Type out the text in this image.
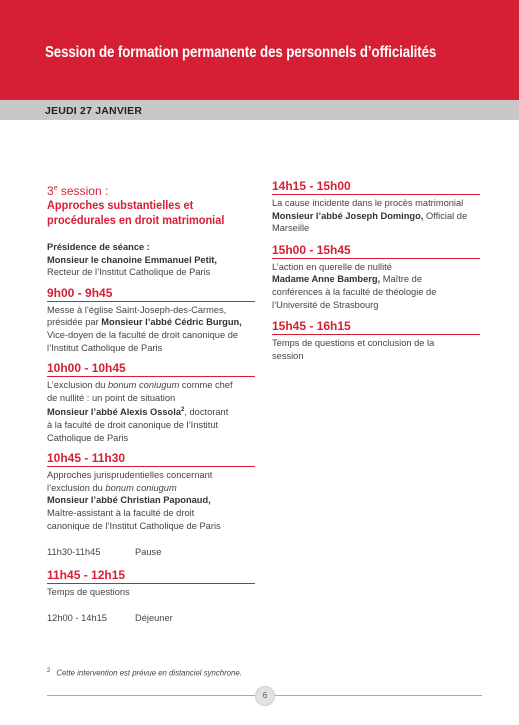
Session de formation permanente des personnels d’officialités
JEUDI 27 JANVIER
3e session :
Approches substantielles et
procédurales en droit matrimonial
Présidence de séance :
Monsieur le chanoine Emmanuel Petit,
Recteur de l’Institut Catholique de Paris
9h00 - 9h45
Messe à l’église Saint-Joseph-des-Carmes,
présidée par Monsieur l’abbé Cédric Burgun,
Vice-doyen de la faculté de droit canonique de
l’Institut Catholique de Paris
10h00 - 10h45
L’exclusion du bonum coniugum comme chef
de nullité : un point de situation
Monsieur l’abbé Alexis Ossola$^2$, doctorant
à la faculté de droit canonique de l’Institut
Catholique de Paris
10h45 - 11h30
Approches jurisprudentielles concernant
l’exclusion du bonum coniugum
Monsieur l’abbé Christian Paponaud,
Maître-assistant à la faculté de droit
canonique de l’Institut Catholique de Paris
11h30-11h45	Pause
11h45 - 12h15
Temps de questions
12h00 - 14h15	Déjeuner
14h15 - 15h00
La cause incidente dans le procès matrimonial
Monsieur l’abbé Joseph Domingo, Official de
Marseille
15h00 - 15h45
L’action en querelle de nullité
Madame Anne Bamberg, Maître de
conférences à la faculté de théologie de
l’Université de Strasbourg
15h45 - 16h15
Temps de questions et conclusion de la
session
$^2$ Cette intervention est prévue en distanciel synchrone.
6
